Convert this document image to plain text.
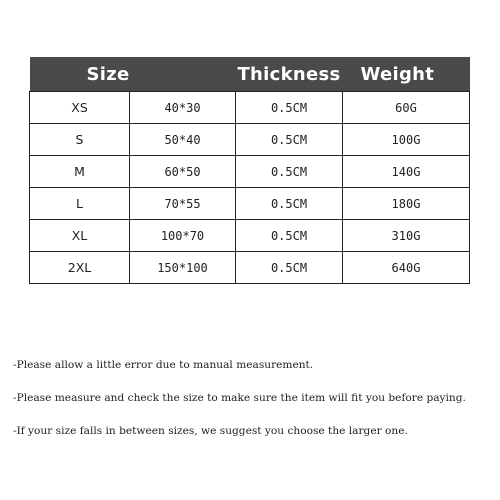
Size		Thickness	Weight
XS	40*30	0.5CM	60G
S	50*40	0.5CM	100G
M	60*50	0.5CM	140G
L	70*55	0.5CM	180G
XL	100*70	0.5CM	310G
2XL	150*100	0.5CM	640G
-Please allow a little error due to manual measurement.
-Please measure and check the size to make sure the item will fit you before paying.
-If your size falls in between sizes, we suggest you choose the larger one.
